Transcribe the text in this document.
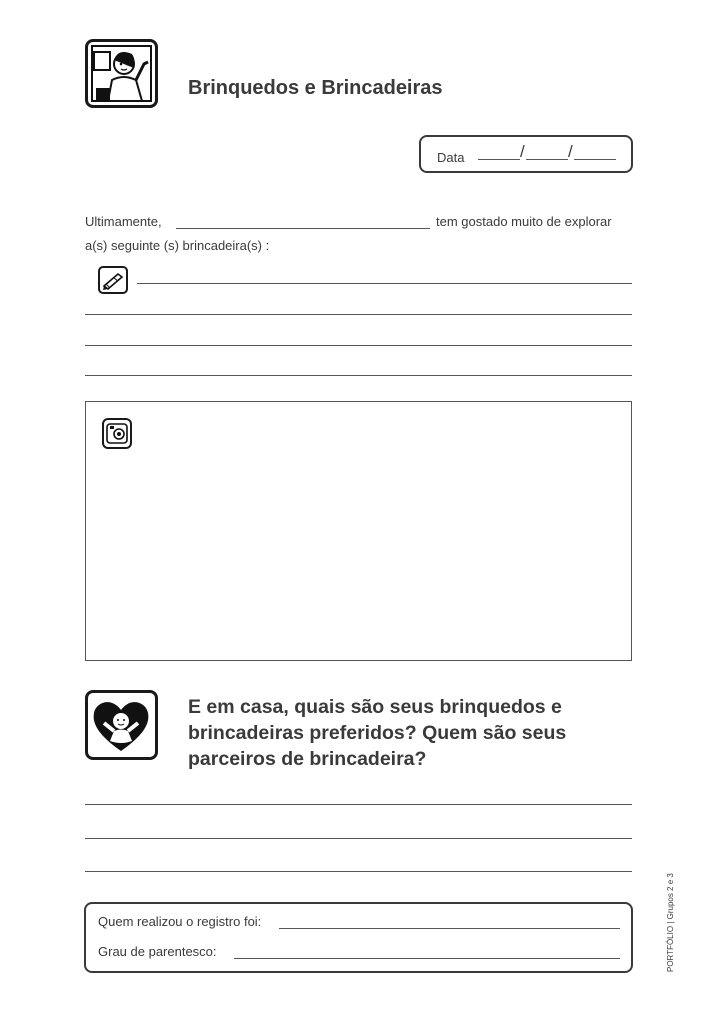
Brinquedos e Brincadeiras
Data	/	/
Ultimamente,	tem gostado muito de explorar
a(s) seguinte (s) brincadeira(s) :
E em casa, quais são seus brinquedos e
brincadeiras preferidos? Quem são seus
parceiros de brincadeira?
Quem realizou o registro foi:
Grau de parentesco:	PORTFÓLIO | Grupos 2 e 3
